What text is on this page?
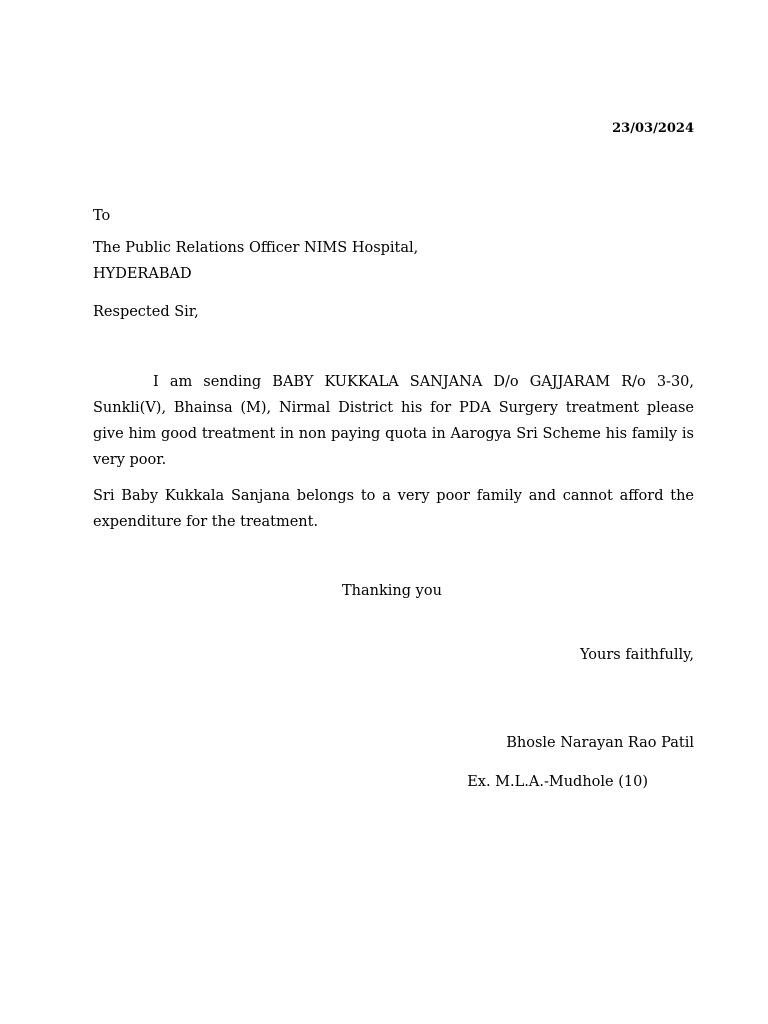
23/03/2024
To
The Public Relations Officer NIMS Hospital,
HYDERABAD
Respected Sir,
I am sending BABY KUKKALA SANJANA D/o GAJJARAM R/o 3-30, Sunkli(V), Bhainsa (M), Nirmal District his for PDA Surgery treatment please give him good treatment in non paying quota in Aarogya Sri Scheme his family is very poor.
Sri Baby Kukkala Sanjana belongs to a very poor family and cannot afford the expenditure for the treatment.
Thanking you
Yours faithfully,
Bhosle Narayan Rao Patil
Ex. M.L.A.-Mudhole (10)
